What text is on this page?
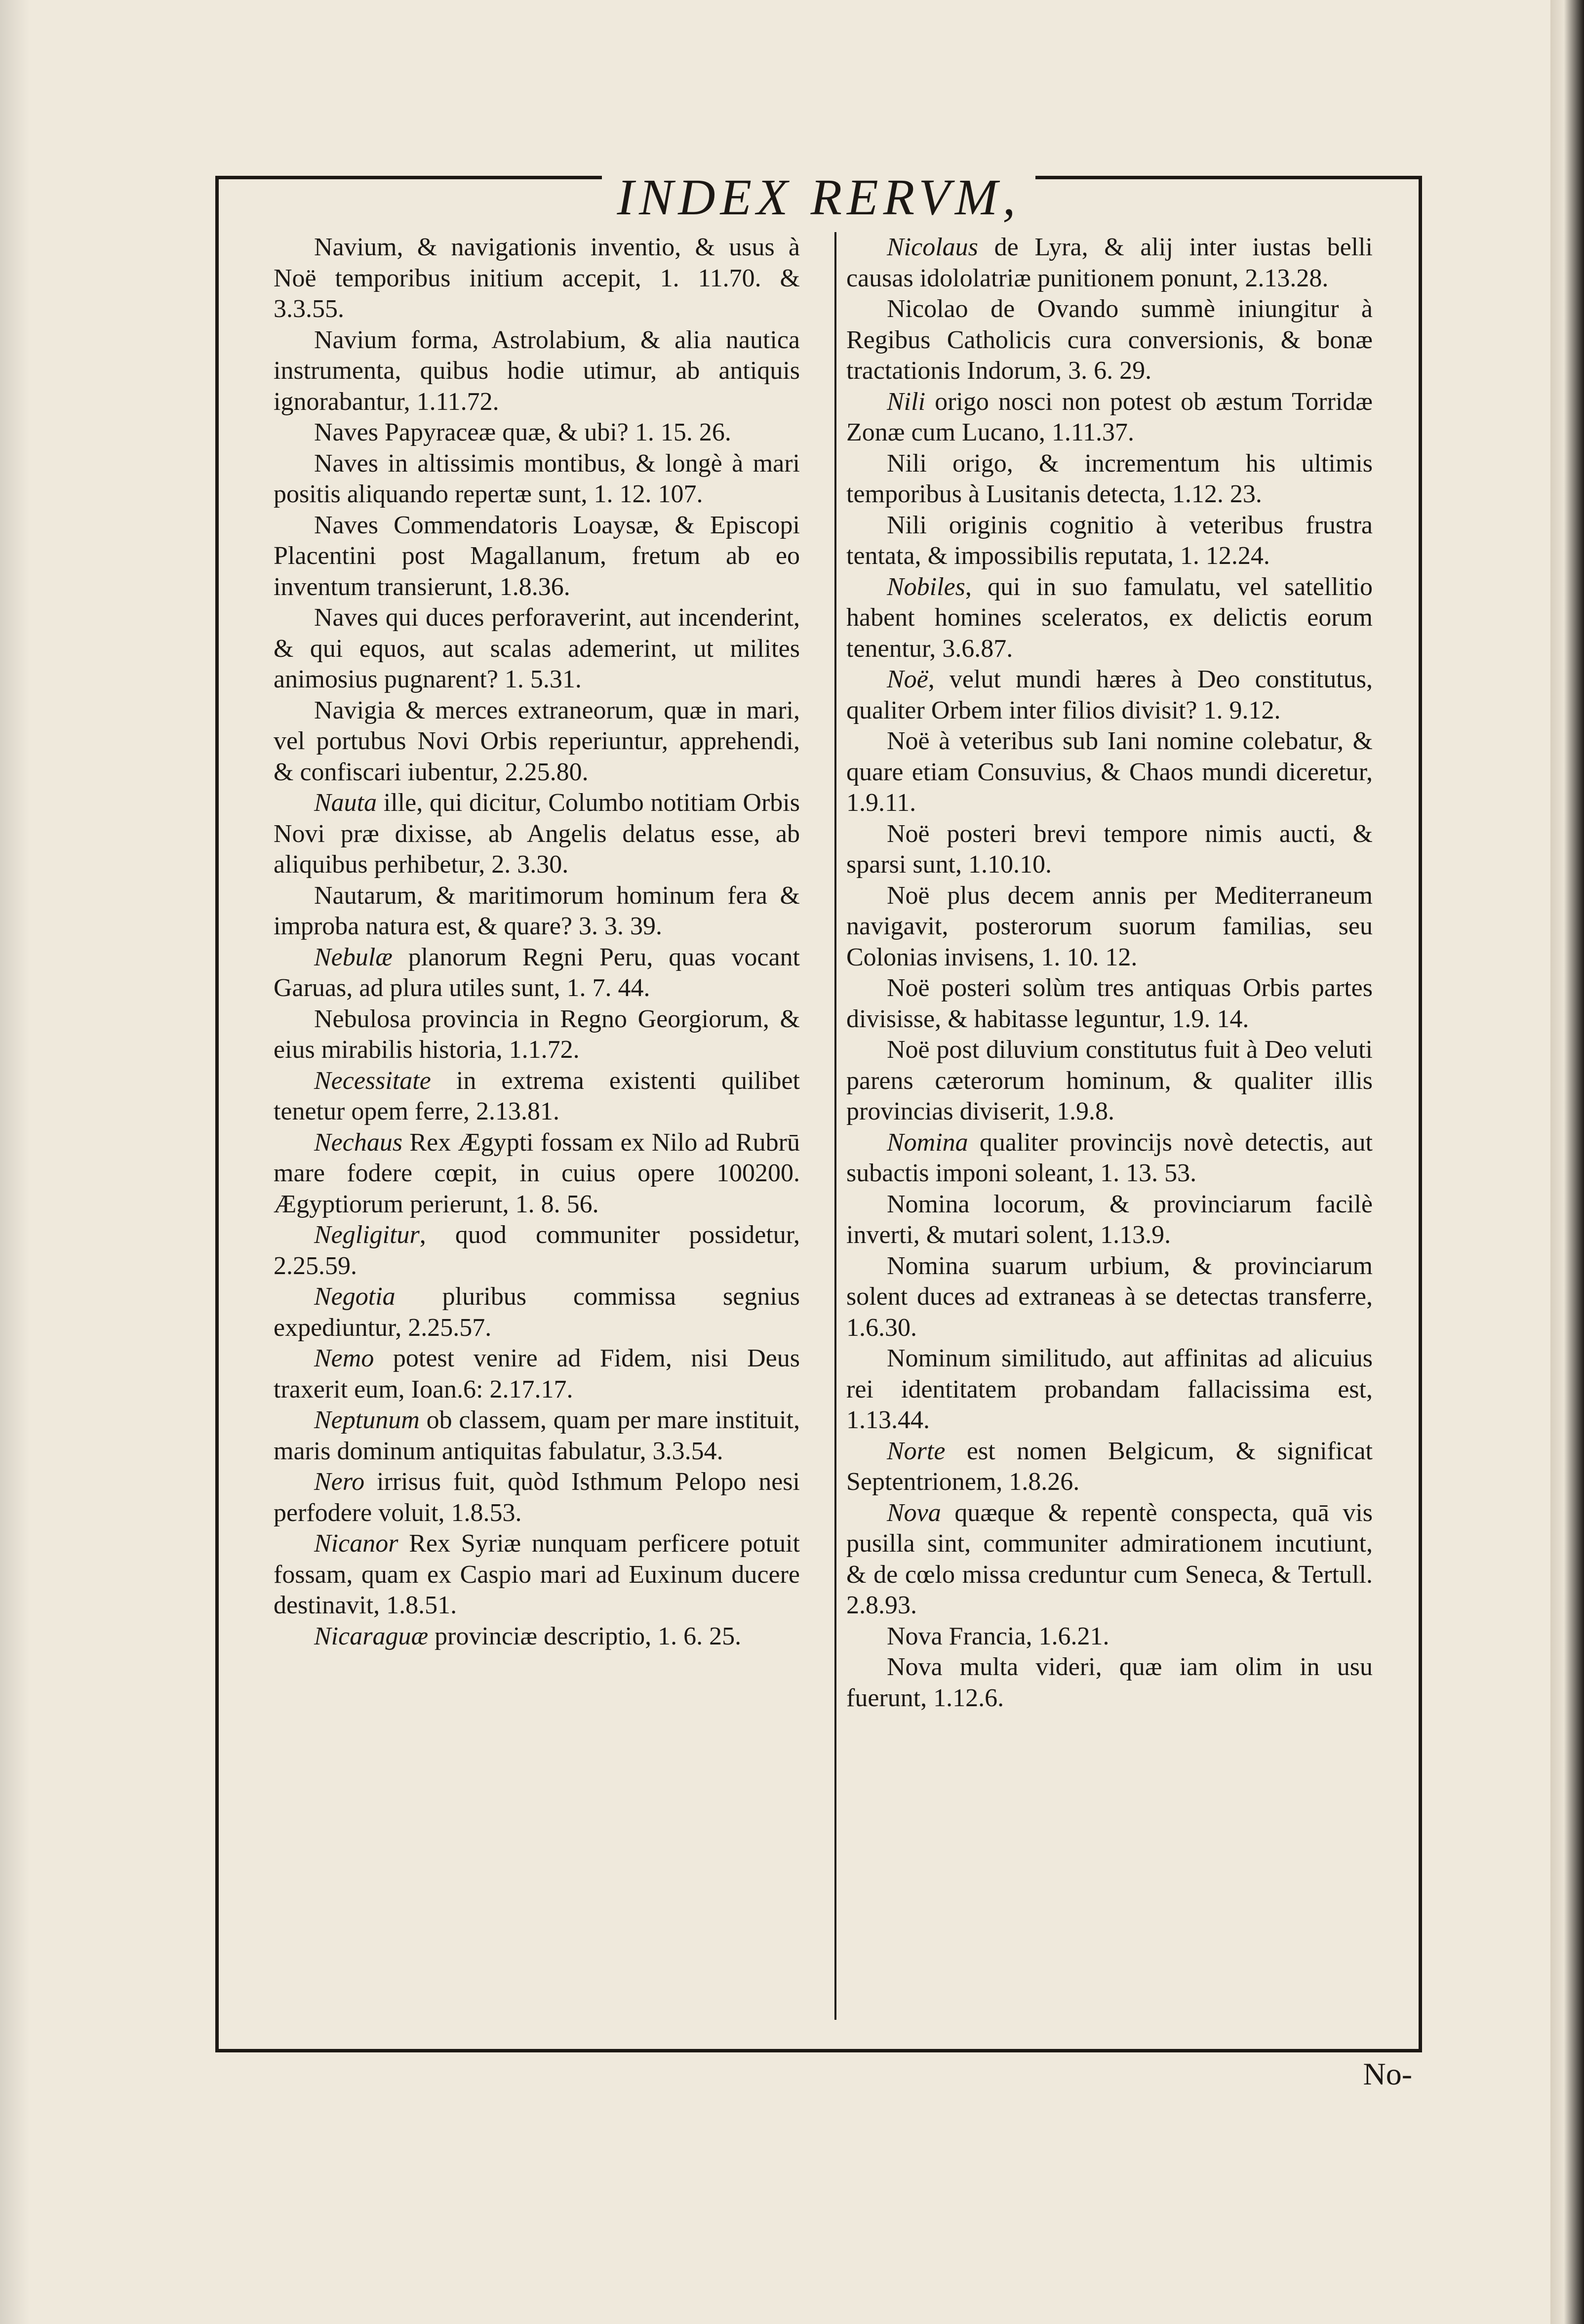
INDEX RERVM,

Navium, & navigationis inventio, & usus à Noë temporibus initium accepit, 1. 11.70. & 3.3.55.

Navium forma, Astrolabium, & alia nautica instrumenta, quibus hodie utimur, ab antiquis ignorabantur, 1.11.72.

Naves Papyraceæ quæ, & ubi? 1. 15. 26.

Naves in altissimis montibus, & longè à mari positis aliquando repertæ sunt, 1. 12. 107.

Naves Commendatoris Loaysæ, & Episcopi Placentini post Magallanum, fretum ab eo inventum transierunt, 1.8.36.

Naves qui duces perforaverint, aut incenderint, & qui equos, aut scalas ademerint, ut milites animosius pugnarent? 1. 5.31.

Navigia & merces extraneorum, quæ in mari, vel portubus Novi Orbis reperiuntur, apprehendi, & confiscari iubentur, 2.25.80.

Nauta ille, qui dicitur, Columbo notitiam Orbis Novi præ dixisse, ab Angelis delatus esse, ab aliquibus perhibetur, 2. 3.30.

Nautarum, & maritimorum hominum fera & improba natura est, & quare? 3. 3. 39.

Nebulæ planorum Regni Peru, quas vocant Garuas, ad plura utiles sunt, 1. 7. 44.

Nebulosa provincia in Regno Georgiorum, & eius mirabilis historia, 1.1.72.

Necessitate in extrema existenti quilibet tenetur opem ferre, 2.13.81.

Nechaus Rex Ægypti fossam ex Nilo ad Rubrū mare fodere cœpit, in cuius opere 100200. Ægyptiorum perierunt, 1. 8. 56.

Negligitur, quod communiter possidetur, 2.25.59.

Negotia pluribus commissa segnius expediuntur, 2.25.57.

Nemo potest venire ad Fidem, nisi Deus traxerit eum, Ioan.6: 2.17.17.

Neptunum ob classem, quam per mare instituit, maris dominum antiquitas fabulatur, 3.3.54.

Nero irrisus fuit, quòd Isthmum Pelopo nesi perfodere voluit, 1.8.53.

Nicanor Rex Syriæ nunquam perficere potuit fossam, quam ex Caspio mari ad Euxinum ducere destinavit, 1.8.51.

Nicaraguæ provinciæ descriptio, 1. 6. 25.

Nicolaus de Lyra, & alij inter iustas belli causas idololatriæ punitionem ponunt, 2.13.28.

Nicolao de Ovando summè iniungitur à Regibus Catholicis cura conversionis, & bonæ tractationis Indorum, 3. 6. 29.

Nili origo nosci non potest ob æstum Torridæ Zonæ cum Lucano, 1.11.37.

Nili origo, & incrementum his ultimis temporibus à Lusitanis detecta, 1.12. 23.

Nili originis cognitio à veteribus frustra tentata, & impossibilis reputata, 1. 12.24.

Nobiles, qui in suo famulatu, vel satellitio habent homines sceleratos, ex delictis eorum tenentur, 3.6.87.

Noë, velut mundi hæres à Deo constitutus, qualiter Orbem inter filios divisit? 1. 9.12.

Noë à veteribus sub Iani nomine colebatur, & quare etiam Consuvius, & Chaos mundi diceretur, 1.9.11.

Noë posteri brevi tempore nimis aucti, & sparsi sunt, 1.10.10.

Noë plus decem annis per Mediterraneum navigavit, posterorum suorum familias, seu Colonias invisens, 1. 10. 12.

Noë posteri solùm tres antiquas Orbis partes divisisse, & habitasse leguntur, 1.9. 14.

Noë post diluvium constitutus fuit à Deo veluti parens cæterorum hominum, & qualiter illis provincias diviserit, 1.9.8.

Nomina qualiter provincijs novè detectis, aut subactis imponi soleant, 1. 13. 53.

Nomina locorum, & provinciarum facilè inverti, & mutari solent, 1.13.9.

Nomina suarum urbium, & provinciarum solent duces ad extraneas à se detectas transferre, 1.6.30.

Nominum similitudo, aut affinitas ad alicuius rei identitatem probandam fallacissima est, 1.13.44.

Norte est nomen Belgicum, & significat Septentrionem, 1.8.26.

Nova quæque & repentè conspecta, quā vis pusilla sint, communiter admirationem incutiunt, & de cœlo missa creduntur cum Seneca, & Tertull. 2.8.93.

Nova Francia, 1.6.21.

Nova multa videri, quæ iam olim in usu fuerunt, 1.12.6.

No-
